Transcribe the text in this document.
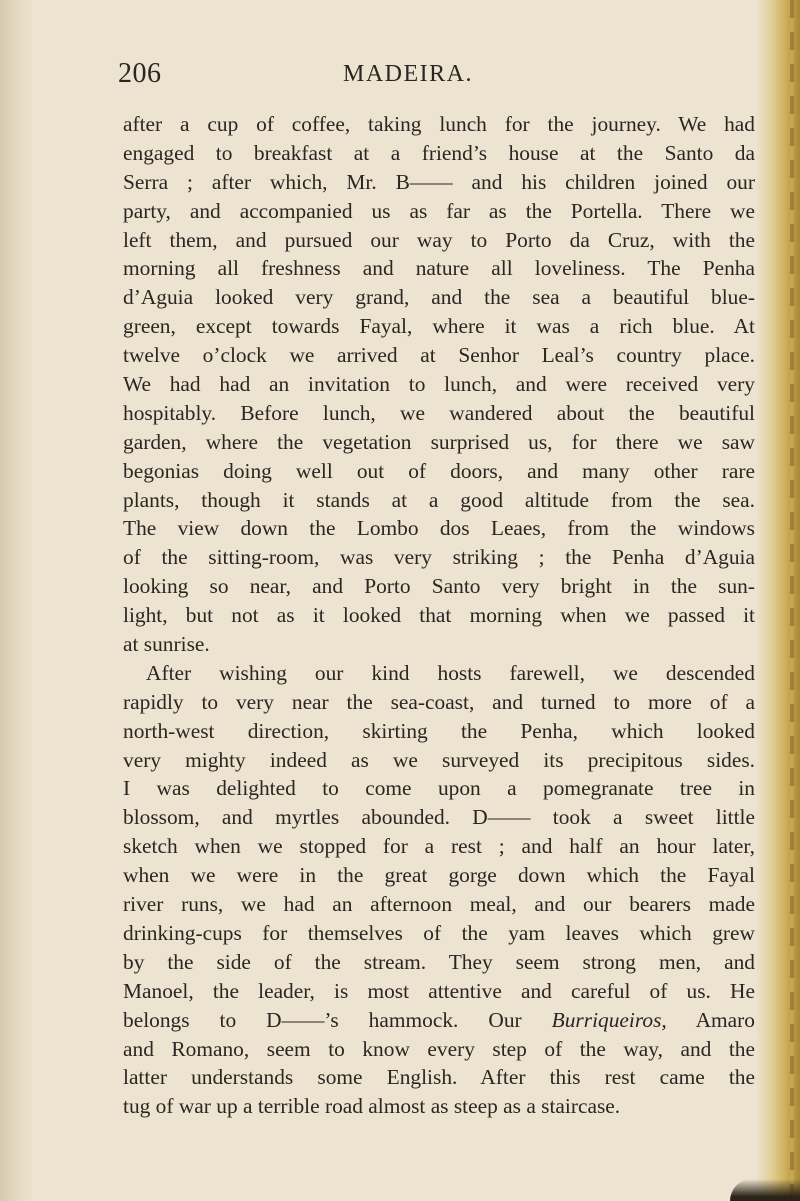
206	MADEIRA.
after a cup of coffee, taking lunch for the journey. We had
engaged to breakfast at a friend’s house at the Santo da
Serra ; after which, Mr. B—— and his children joined our
party, and accompanied us as far as the Portella. There we
left them, and pursued our way to Porto da Cruz, with the
morning all freshness and nature all loveliness. The Penha
d’Aguia looked very grand, and the sea a beautiful blue-
green, except towards Fayal, where it was a rich blue. At
twelve o’clock we arrived at Senhor Leal’s country place.
We had had an invitation to lunch, and were received very
hospitably. Before lunch, we wandered about the beautiful
garden, where the vegetation surprised us, for there we saw
begonias doing well out of doors, and many other rare
plants, though it stands at a good altitude from the sea.
The view down the Lombo dos Leaes, from the windows
of the sitting-room, was very striking ; the Penha d’Aguia
looking so near, and Porto Santo very bright in the sun-
light, but not as it looked that morning when we passed it
at sunrise.
After wishing our kind hosts farewell, we descended
rapidly to very near the sea-coast, and turned to more of a
north-west direction, skirting the Penha, which looked
very mighty indeed as we surveyed its precipitous sides.
I was delighted to come upon a pomegranate tree in
blossom, and myrtles abounded. D—— took a sweet little
sketch when we stopped for a rest ; and half an hour later,
when we were in the great gorge down which the Fayal
river runs, we had an afternoon meal, and our bearers made
drinking-cups for themselves of the yam leaves which grew
by the side of the stream. They seem strong men, and
Manoel, the leader, is most attentive and careful of us. He
belongs to D——’s hammock. Our Burriqueiros, Amaro
and Romano, seem to know every step of the way, and the
latter understands some English. After this rest came the
tug of war up a terrible road almost as steep as a staircase.
